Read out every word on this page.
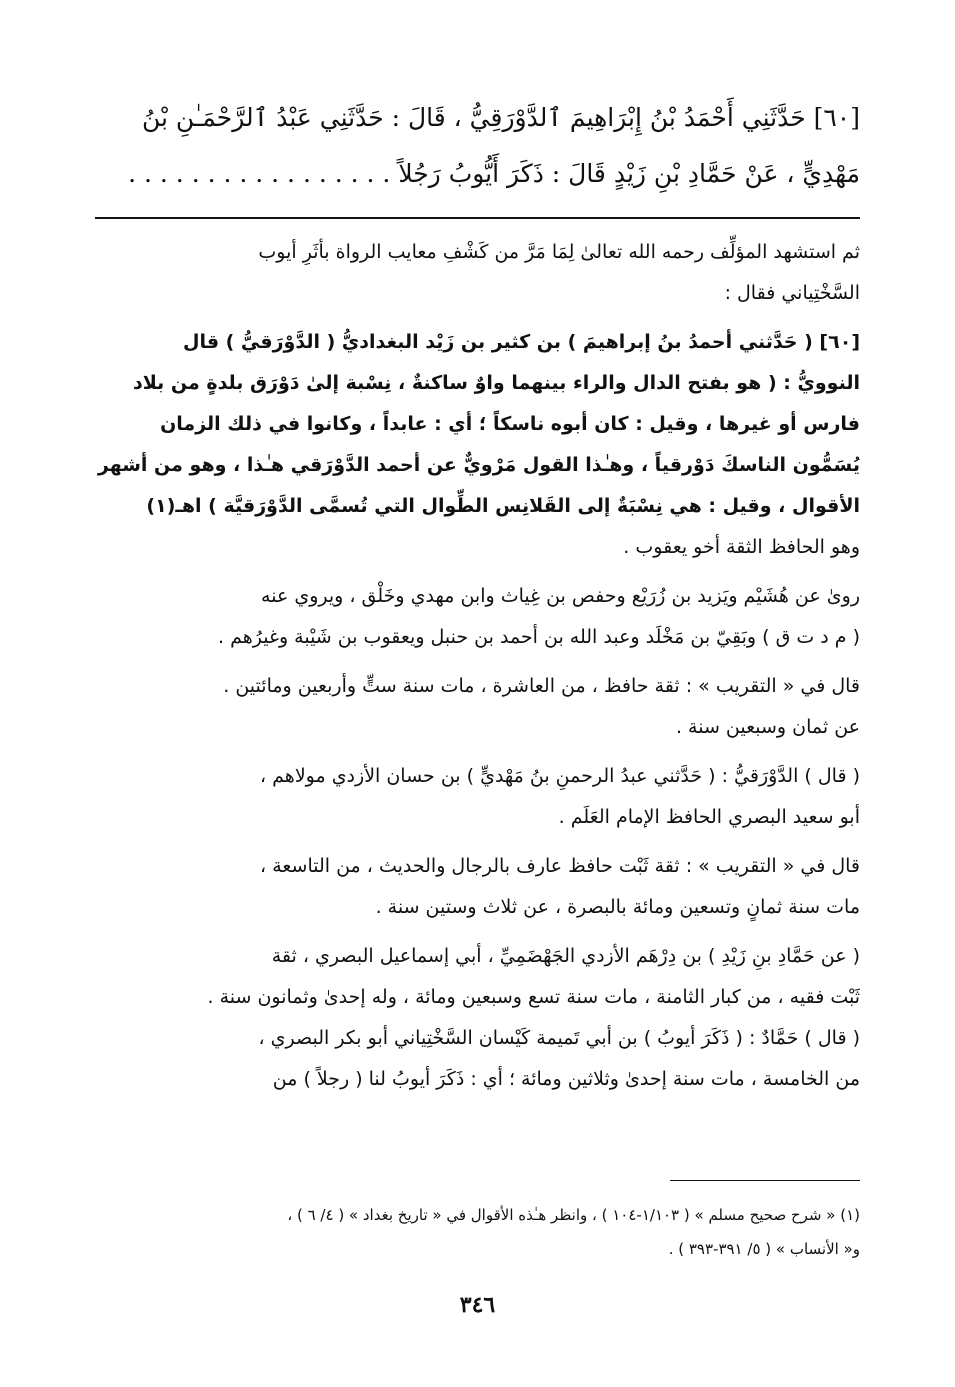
[٦٠] حَدَّثَنِي أَحْمَدُ بْنُ إِبْرَاهِيمَ ٱلدَّوْرَقِيُّ ، قَالَ : حَدَّثَنِي عَبْدُ ٱلرَّحْمَـٰنِ بْنُ
مَهْدِيٍّ ، عَنْ حَمَّادِ بْنِ زَيْدٍ قَالَ : ذَكَرَ أَيُّوبُ رَجُلاً . . . . . . . . . . . . . . . . .
ثم استشهد المؤلِّف رحمه الله تعالىٰ لِمَا مَرَّ من كَشْفِ معايب الرواة بأثَرِ أيوب
السَّخْتِياني فقال :
[٦٠] ( حَدَّثني أحمدُ بنُ إبراهيمَ ) بن كثير بن زَيْد البغداديُّ ( الدَّوْرَقيُّ ) قال
النوويُّ : ( هو بفتح الدال والراء بينهما واوٌ ساكنةٌ ، نِسْبة إلىٰ دَوْرَق بلدةٍ من بلاد
فارس أو غيرها ، وقيل : كان أبوه ناسكاً ؛ أي : عابداً ، وكانوا في ذلك الزمان
يُسَمُّون الناسكَ دَوْرقياً ، وهـٰذا القول مَرْويٌّ عن أحمد الدَّوْرَقي هـٰذا ، وهو من أشهر
الأقوال ، وقيل : هي نِسْبَةٌ إلى القَلانِس الطِّوال التي تُسمَّى الدَّوْرَقيَّة ) اهـ(١)
وهو الحافظ الثقة أخو يعقوب .
روىٰ عن هُشَيْم ويَزيد بن زُرَيْع وحفص بن غِياث وابن مهدي وخَلْق ، ويروي عنه
( م د ت ق ) وبَقِيّ بن مَخْلَد وعبد الله بن أحمد بن حنبل ويعقوب بن شَيْبة وغيرُهم .
قال في « التقريب » : ثقة حافظ ، من العاشرة ، مات سنة ستٍّ وأربعين ومائتين .
عن ثمان وسبعين سنة .
( قال ) الدَّوْرَقيُّ : ( حَدَّثني عبدُ الرحمنِ بنُ مَهْديٍّ ) بن حسان الأزدي مولاهم ،
أبو سعيد البصري الحافظ الإمام العَلَم .
قال في « التقريب » : ثقة ثَبْت حافظ عارف بالرجال والحديث ، من التاسعة ،
مات سنة ثمانٍ وتسعين ومائة بالبصرة ، عن ثلاث وستين سنة .
( عن حَمَّادِ بنِ زَيْدِ ) بن دِرْهَم الأزدي الجَهْضَمِيِّ ، أبي إسماعيل البصري ، ثقة
ثَبْت فقيه ، من كبار الثامنة ، مات سنة تسع وسبعين ومائة ، وله إحدىٰ وثمانون سنة .
( قال ) حَمَّادٌ : ( ذَكَرَ أيوبُ ) بن أبي تَميمة كَيْسان السَّخْتِياني أبو بكر البصري ،
من الخامسة ، مات سنة إحدىٰ وثلاثين ومائة ؛ أي : ذَكَرَ أيوبُ لنا ( رجلاً ) من
(١) « شرح صحيح مسلم » ( ١/١٠٣-١٠٤ ) ، وانظر هـٰذه الأقوال في « تاريخ بغداد » ( ٤/ ٦ ) ،
و« الأنساب » ( ٥/ ٣٩١-٣٩٣ ) .
٣٤٦
